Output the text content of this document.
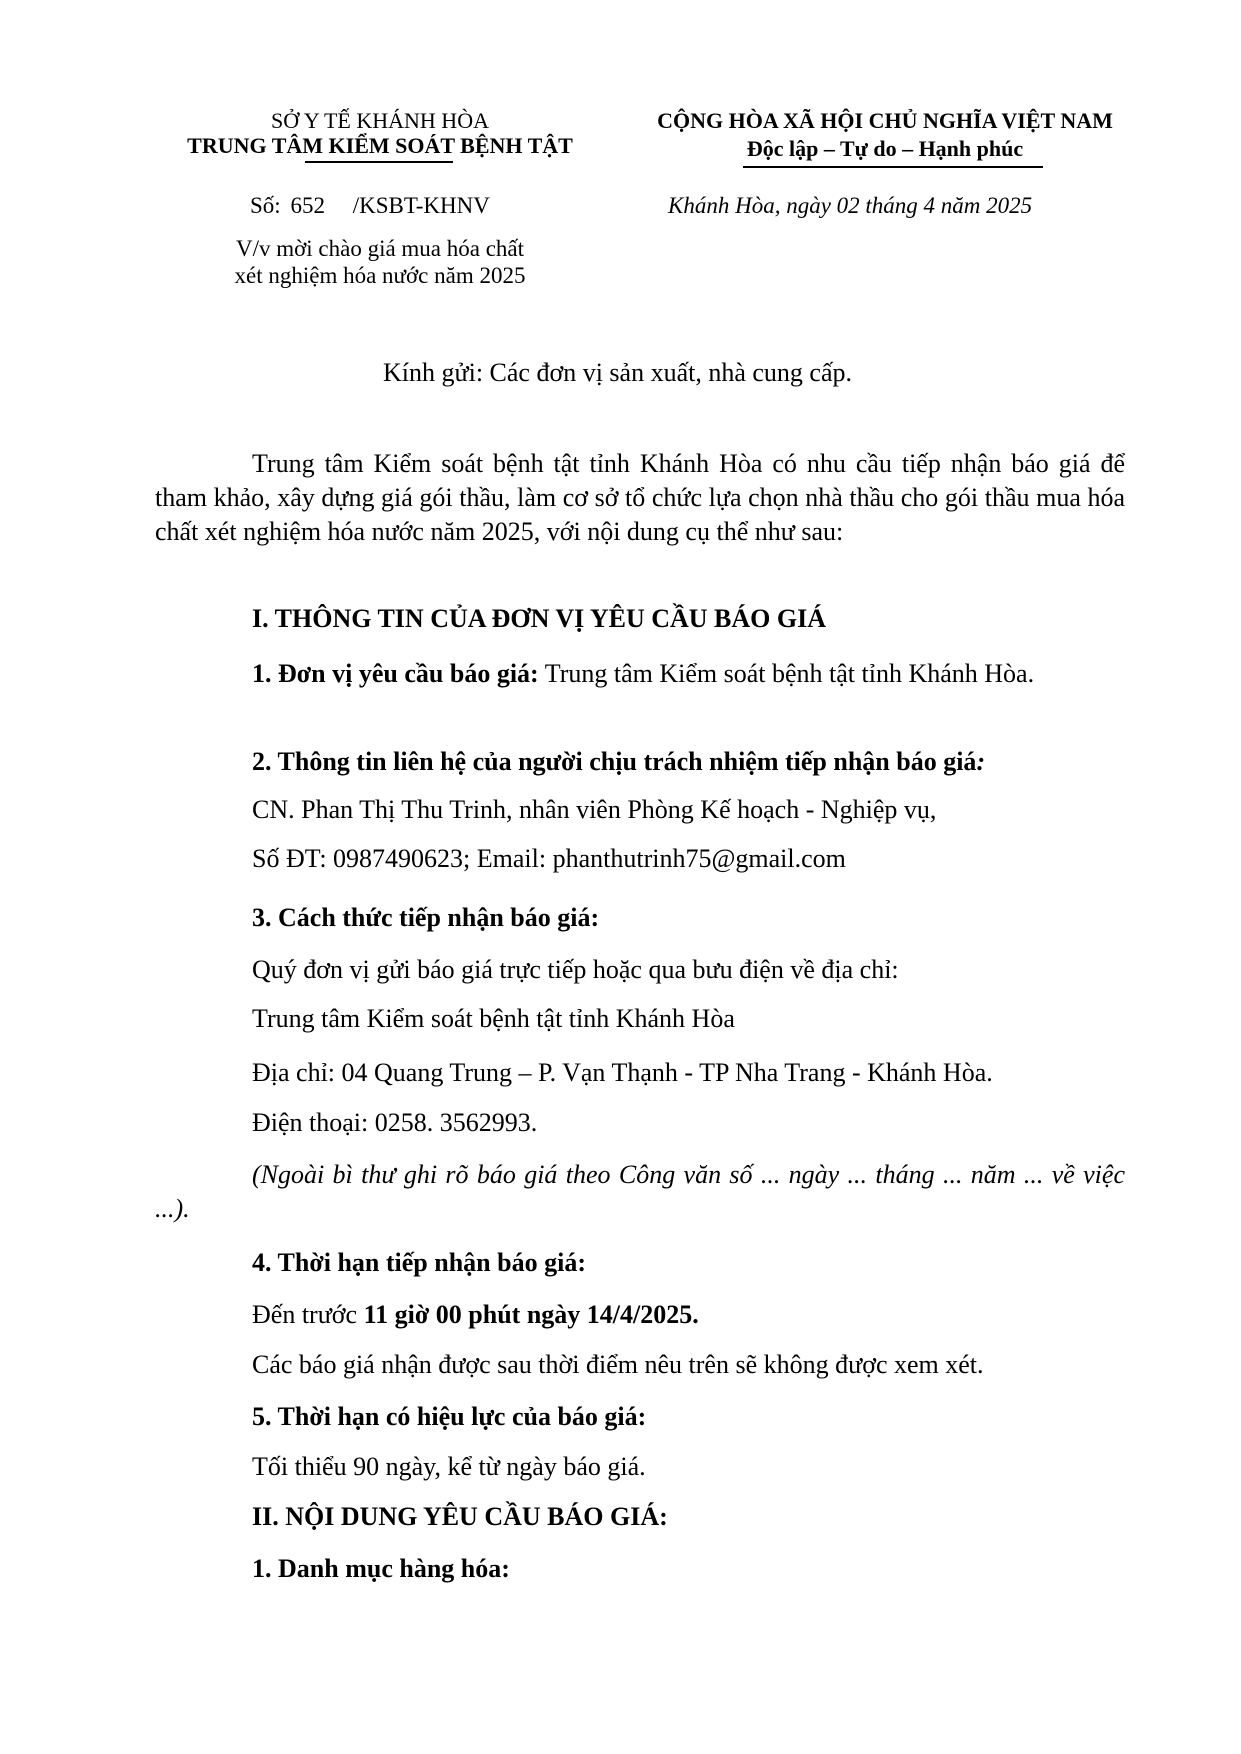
SỞ Y TẾ KHÁNH HÒA
TRUNG TÂM KIỂM SOÁT BỆNH TẬT
Số: 652 /KSBT-KHNV
V/v mời chào giá mua hóa chất
xét nghiệm hóa nước năm 2025
CỘNG HÒA XÃ HỘI CHỦ NGHĨA VIỆT NAM
Độc lập – Tự do – Hạnh phúc
Khánh Hòa, ngày 02 tháng 4 năm 2025
Kính gửi: Các đơn vị sản xuất, nhà cung cấp.
Trung tâm Kiểm soát bệnh tật tỉnh Khánh Hòa có nhu cầu tiếp nhận báo giá để tham khảo, xây dựng giá gói thầu, làm cơ sở tổ chức lựa chọn nhà thầu cho gói thầu mua hóa chất xét nghiệm hóa nước năm 2025, với nội dung cụ thể như sau:
I. THÔNG TIN CỦA ĐƠN VỊ YÊU CẦU BÁO GIÁ
1. Đơn vị yêu cầu báo giá: Trung tâm Kiểm soát bệnh tật tỉnh Khánh Hòa.
2. Thông tin liên hệ của người chịu trách nhiệm tiếp nhận báo giá:
CN. Phan Thị Thu Trinh, nhân viên Phòng Kế hoạch - Nghiệp vụ,
Số ĐT: 0987490623; Email: phanthutrinh75@gmail.com
3. Cách thức tiếp nhận báo giá:
Quý đơn vị gửi báo giá trực tiếp hoặc qua bưu điện về địa chỉ:
Trung tâm Kiểm soát bệnh tật tỉnh Khánh Hòa
Địa chỉ: 04 Quang Trung – P. Vạn Thạnh - TP Nha Trang - Khánh Hòa.
Điện thoại: 0258. 3562993.
(Ngoài bì thư ghi rõ báo giá theo Công văn số ... ngày ... tháng ... năm ... về việc ...).
4. Thời hạn tiếp nhận báo giá:
Đến trước 11 giờ 00 phút ngày 14/4/2025.
Các báo giá nhận được sau thời điểm nêu trên sẽ không được xem xét.
5. Thời hạn có hiệu lực của báo giá:
Tối thiểu 90 ngày, kể từ ngày báo giá.
II. NỘI DUNG YÊU CẦU BÁO GIÁ:
1. Danh mục hàng hóa:
